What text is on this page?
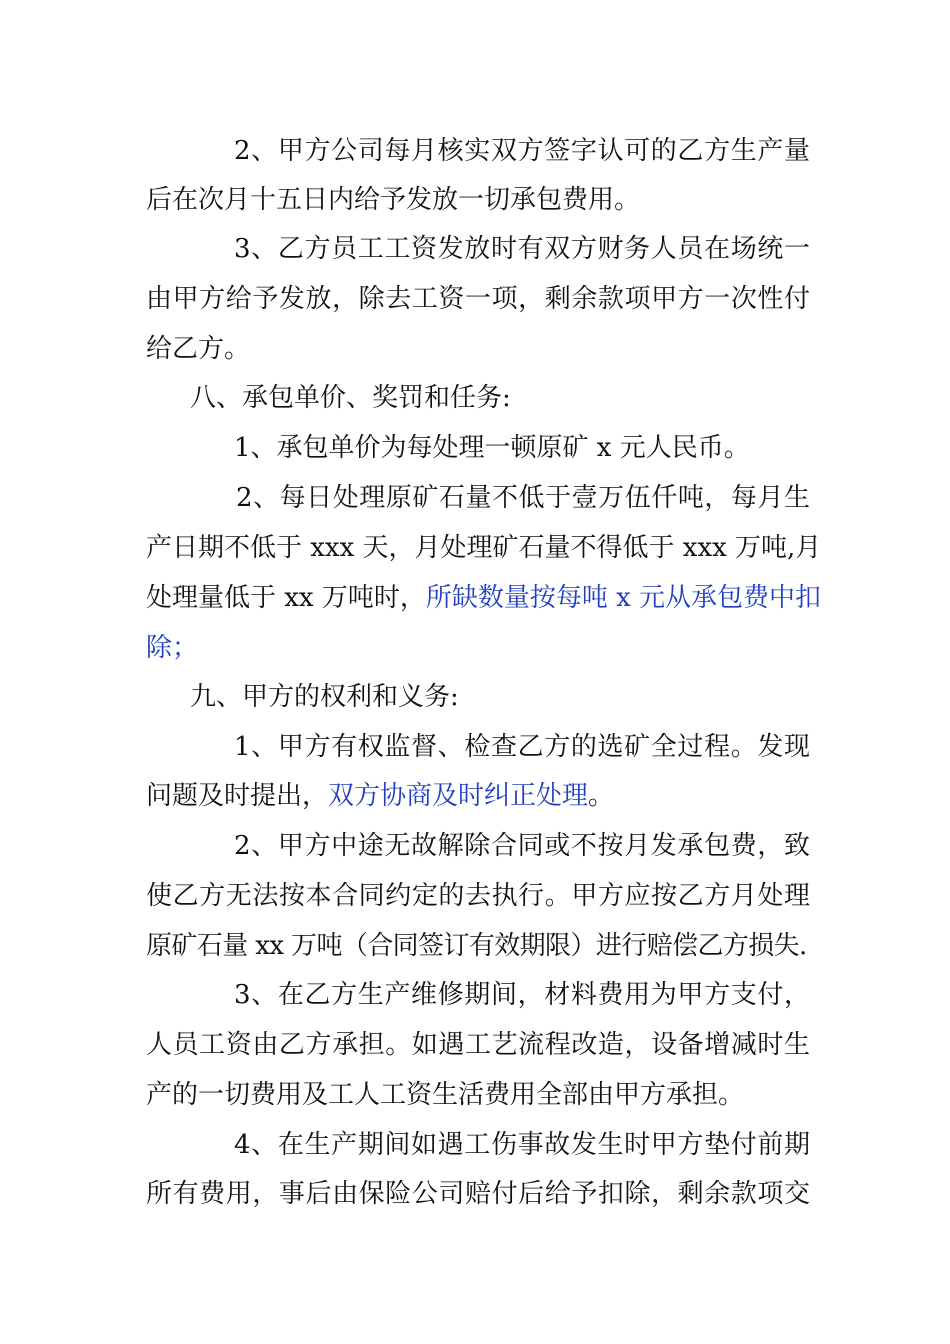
2、甲方公司每月核实双方签字认可的乙方生产量
后在次月十五日内给予发放一切承包费用。
3、乙方员工工资发放时有双方财务人员在场统一
由甲方给予发放，除去工资一项，剩余款项甲方一次性付
给乙方。
八、承包单价、奖罚和任务:
1、承包单价为每处理一顿原矿 x 元人民币。
2、每日处理原矿石量不低于壹万伍仟吨，每月生
产日期不低于 xxx 天，月处理矿石量不得低于 xxx 万吨,月
处理量低于 xx 万吨时，所缺数量按每吨 x 元从承包费中扣
除；
九、甲方的权利和义务:
1、甲方有权监督、检查乙方的选矿全过程。发现
问题及时提出，双方协商及时纠正处理。
2、甲方中途无故解除合同或不按月发承包费，致
使乙方无法按本合同约定的去执行。甲方应按乙方月处理
原矿石量 xx 万吨（合同签订有效期限）进行赔偿乙方损失.
3、在乙方生产维修期间，材料费用为甲方支付，
人员工资由乙方承担。如遇工艺流程改造，设备增减时生
产的一切费用及工人工资生活费用全部由甲方承担。
4、在生产期间如遇工伤事故发生时甲方垫付前期
所有费用，事后由保险公司赔付后给予扣除，剩余款项交
